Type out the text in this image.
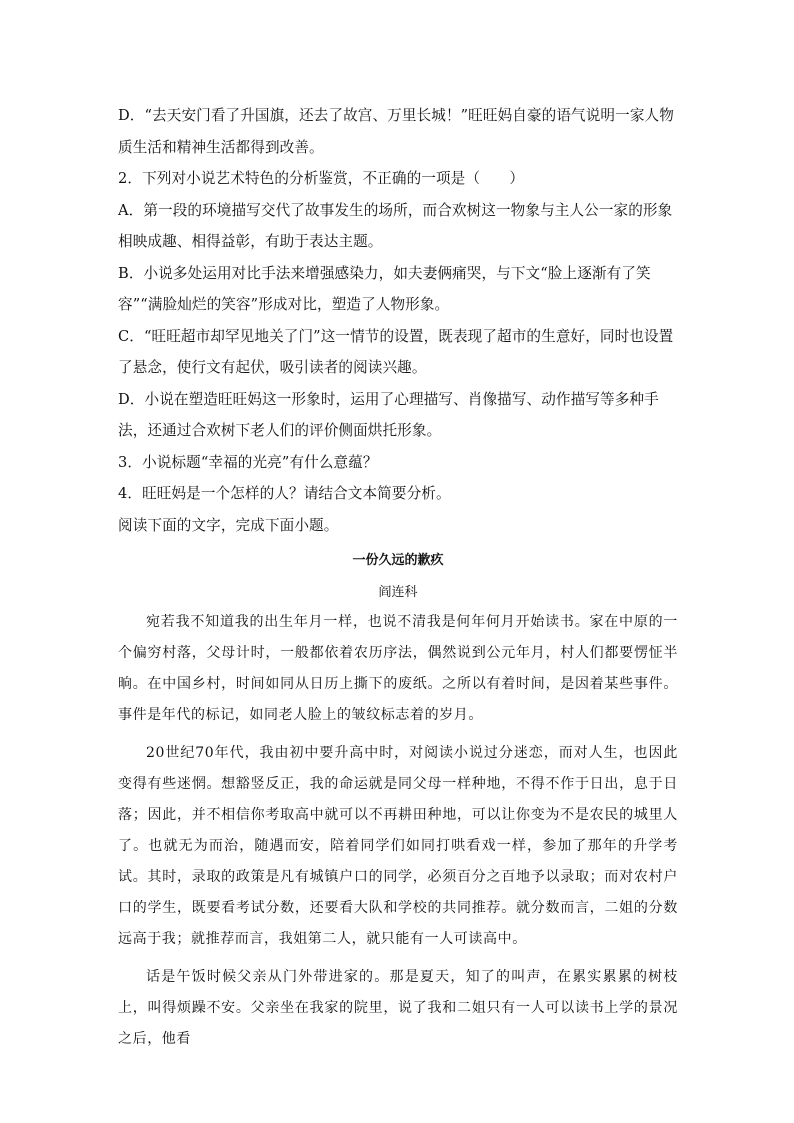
D．“去天安门看了升国旗，还去了故宫、万里长城！”旺旺妈自豪的语气说明一家人物质生活和精神生活都得到改善。

2．下列对小说艺术特色的分析鉴赏，不正确的一项是（　　）

A．第一段的环境描写交代了故事发生的场所，而合欢树这一物象与主人公一家的形象相映成趣、相得益彰，有助于表达主题。

B．小说多处运用对比手法来增强感染力，如夫妻俩痛哭，与下文“脸上逐渐有了笑容”“满脸灿烂的笑容”形成对比，塑造了人物形象。

C．“旺旺超市却罕见地关了门”这一情节的设置，既表现了超市的生意好，同时也设置了悬念，使行文有起伏，吸引读者的阅读兴趣。

D．小说在塑造旺旺妈这一形象时，运用了心理描写、肖像描写、动作描写等多种手法，还通过合欢树下老人们的评价侧面烘托形象。

3．小说标题“幸福的光亮”有什么意蕴？

4．旺旺妈是一个怎样的人？请结合文本简要分析。

阅读下面的文字，完成下面小题。

一份久远的歉疚

阎连科

宛若我不知道我的出生年月一样，也说不清我是何年何月开始读书。家在中原的一个偏穷村落，父母计时，一般都依着农历序法，偶然说到公元年月，村人们都要愣怔半晌。在中国乡村，时间如同从日历上撕下的废纸。之所以有着时间，是因着某些事件。事件是年代的标记，如同老人脸上的皱纹标志着的岁月。

20世纪70年代，我由初中要升高中时，对阅读小说过分迷恋，而对人生，也因此变得有些迷惘。想豁竖反正，我的命运就是同父母一样种地，不得不作于日出，息于日落；因此，并不相信你考取高中就可以不再耕田种地，可以让你变为不是农民的城里人了。也就无为而治，随遇而安，陪着同学们如同打哄看戏一样，参加了那年的升学考试。其时，录取的政策是凡有城镇户口的同学，必须百分之百地予以录取；而对农村户口的学生，既要看考试分数，还要看大队和学校的共同推荐。就分数而言，二姐的分数远高于我；就推荐而言，我姐第二人，就只能有一人可读高中。

话是午饭时候父亲从门外带进家的。那是夏天，知了的叫声，在累实累累的树枝上，叫得烦躁不安。父亲坐在我家的院里，说了我和二姐只有一人可以读书上学的景况之后，他看
